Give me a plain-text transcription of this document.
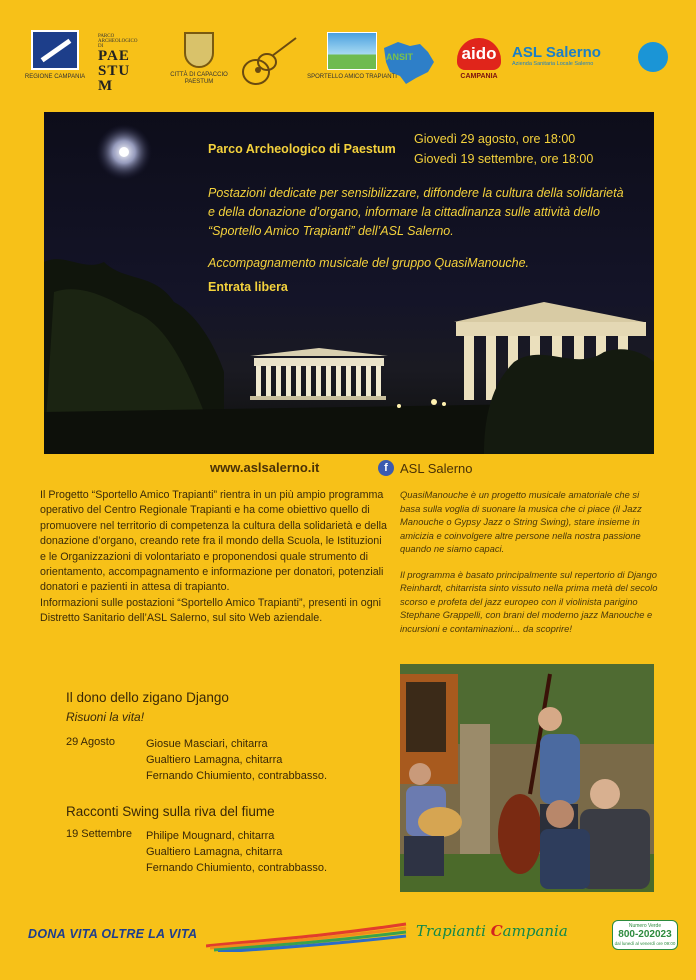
REGIONE CAMPANIA
PARCO ARCHEOLOGICO DI
PAE STU M
CITTÀ DI CAPACCIO PAESTUM
SPORTELLO AMICO TRAPIANTI
ANSIT	aido
CAMPANIA
ASL Salerno
Azienda Sanitaria Locale Salerno
Parco Archeologico di Paestum
Giovedì 29 agosto, ore 18:00
Giovedì 19 settembre, ore 18:00
Postazioni dedicate per sensibilizzare, diffondere la cultura della solidarietà e della donazione d’organo, informare la cittadinanza sulle attività dello “Sportello Amico Trapianti” dell’ASL Salerno.
Accompagnamento musicale del gruppo QuasiManouche.
Entrata libera
www.aslsalerno.it	f ASL Salerno

Il Progetto “Sportello Amico Trapianti” rientra in un più ampio programma operativo del Centro Regionale Trapianti e ha come obiettivo quello di promuovere nel territorio di competenza la cultura della solidarietà e della donazione d’organo, creando rete fra il mondo della Scuola, le Istituzioni e le Organizzazioni di volontariato e proponendosi quale strumento di orientamento, accompagnamento e informazione per donatori, potenziali donatori e pazienti in attesa di trapianto.

Informazioni sulle postazioni “Sportello Amico Trapianti”, presenti in ogni Distretto Sanitario dell’ASL Salerno, sul sito Web aziendale.

QuasiManouche è un progetto musicale amatoriale che si basa sulla voglia di suonare la musica che ci piace (il Jazz Manouche o Gypsy Jazz o String Swing), stare insieme in amicizia e coinvolgere altre persone nella nostra passione quando ne siamo capaci.

Il programma è basato principalmente sul repertorio di Django Reinhardt, chitarrista sinto vissuto nella prima metà del secolo scorso e profeta del jazz europeo con il violinista parigino Stephane Grappelli, con brani del moderno jazz Manouche e incursioni e contaminazioni... da scoprire!

Il dono dello zigano Django
Risuoni la vita!
29 Agosto	Giosue Masciari, chitarra
Gualtiero Lamagna, chitarra
Fernando Chiumiento, contrabbasso.
Racconti Swing sulla riva del fiume
19 Settembre	Philipe Mougnard, chitarra
Gualtiero Lamagna, chitarra
Fernando Chiumiento, contrabbasso.
DONA VITA OLTRE LA VITA	Trapianti Campania	Numero Verde
800-202023
dal lunedì al venerdì ore 09:00
